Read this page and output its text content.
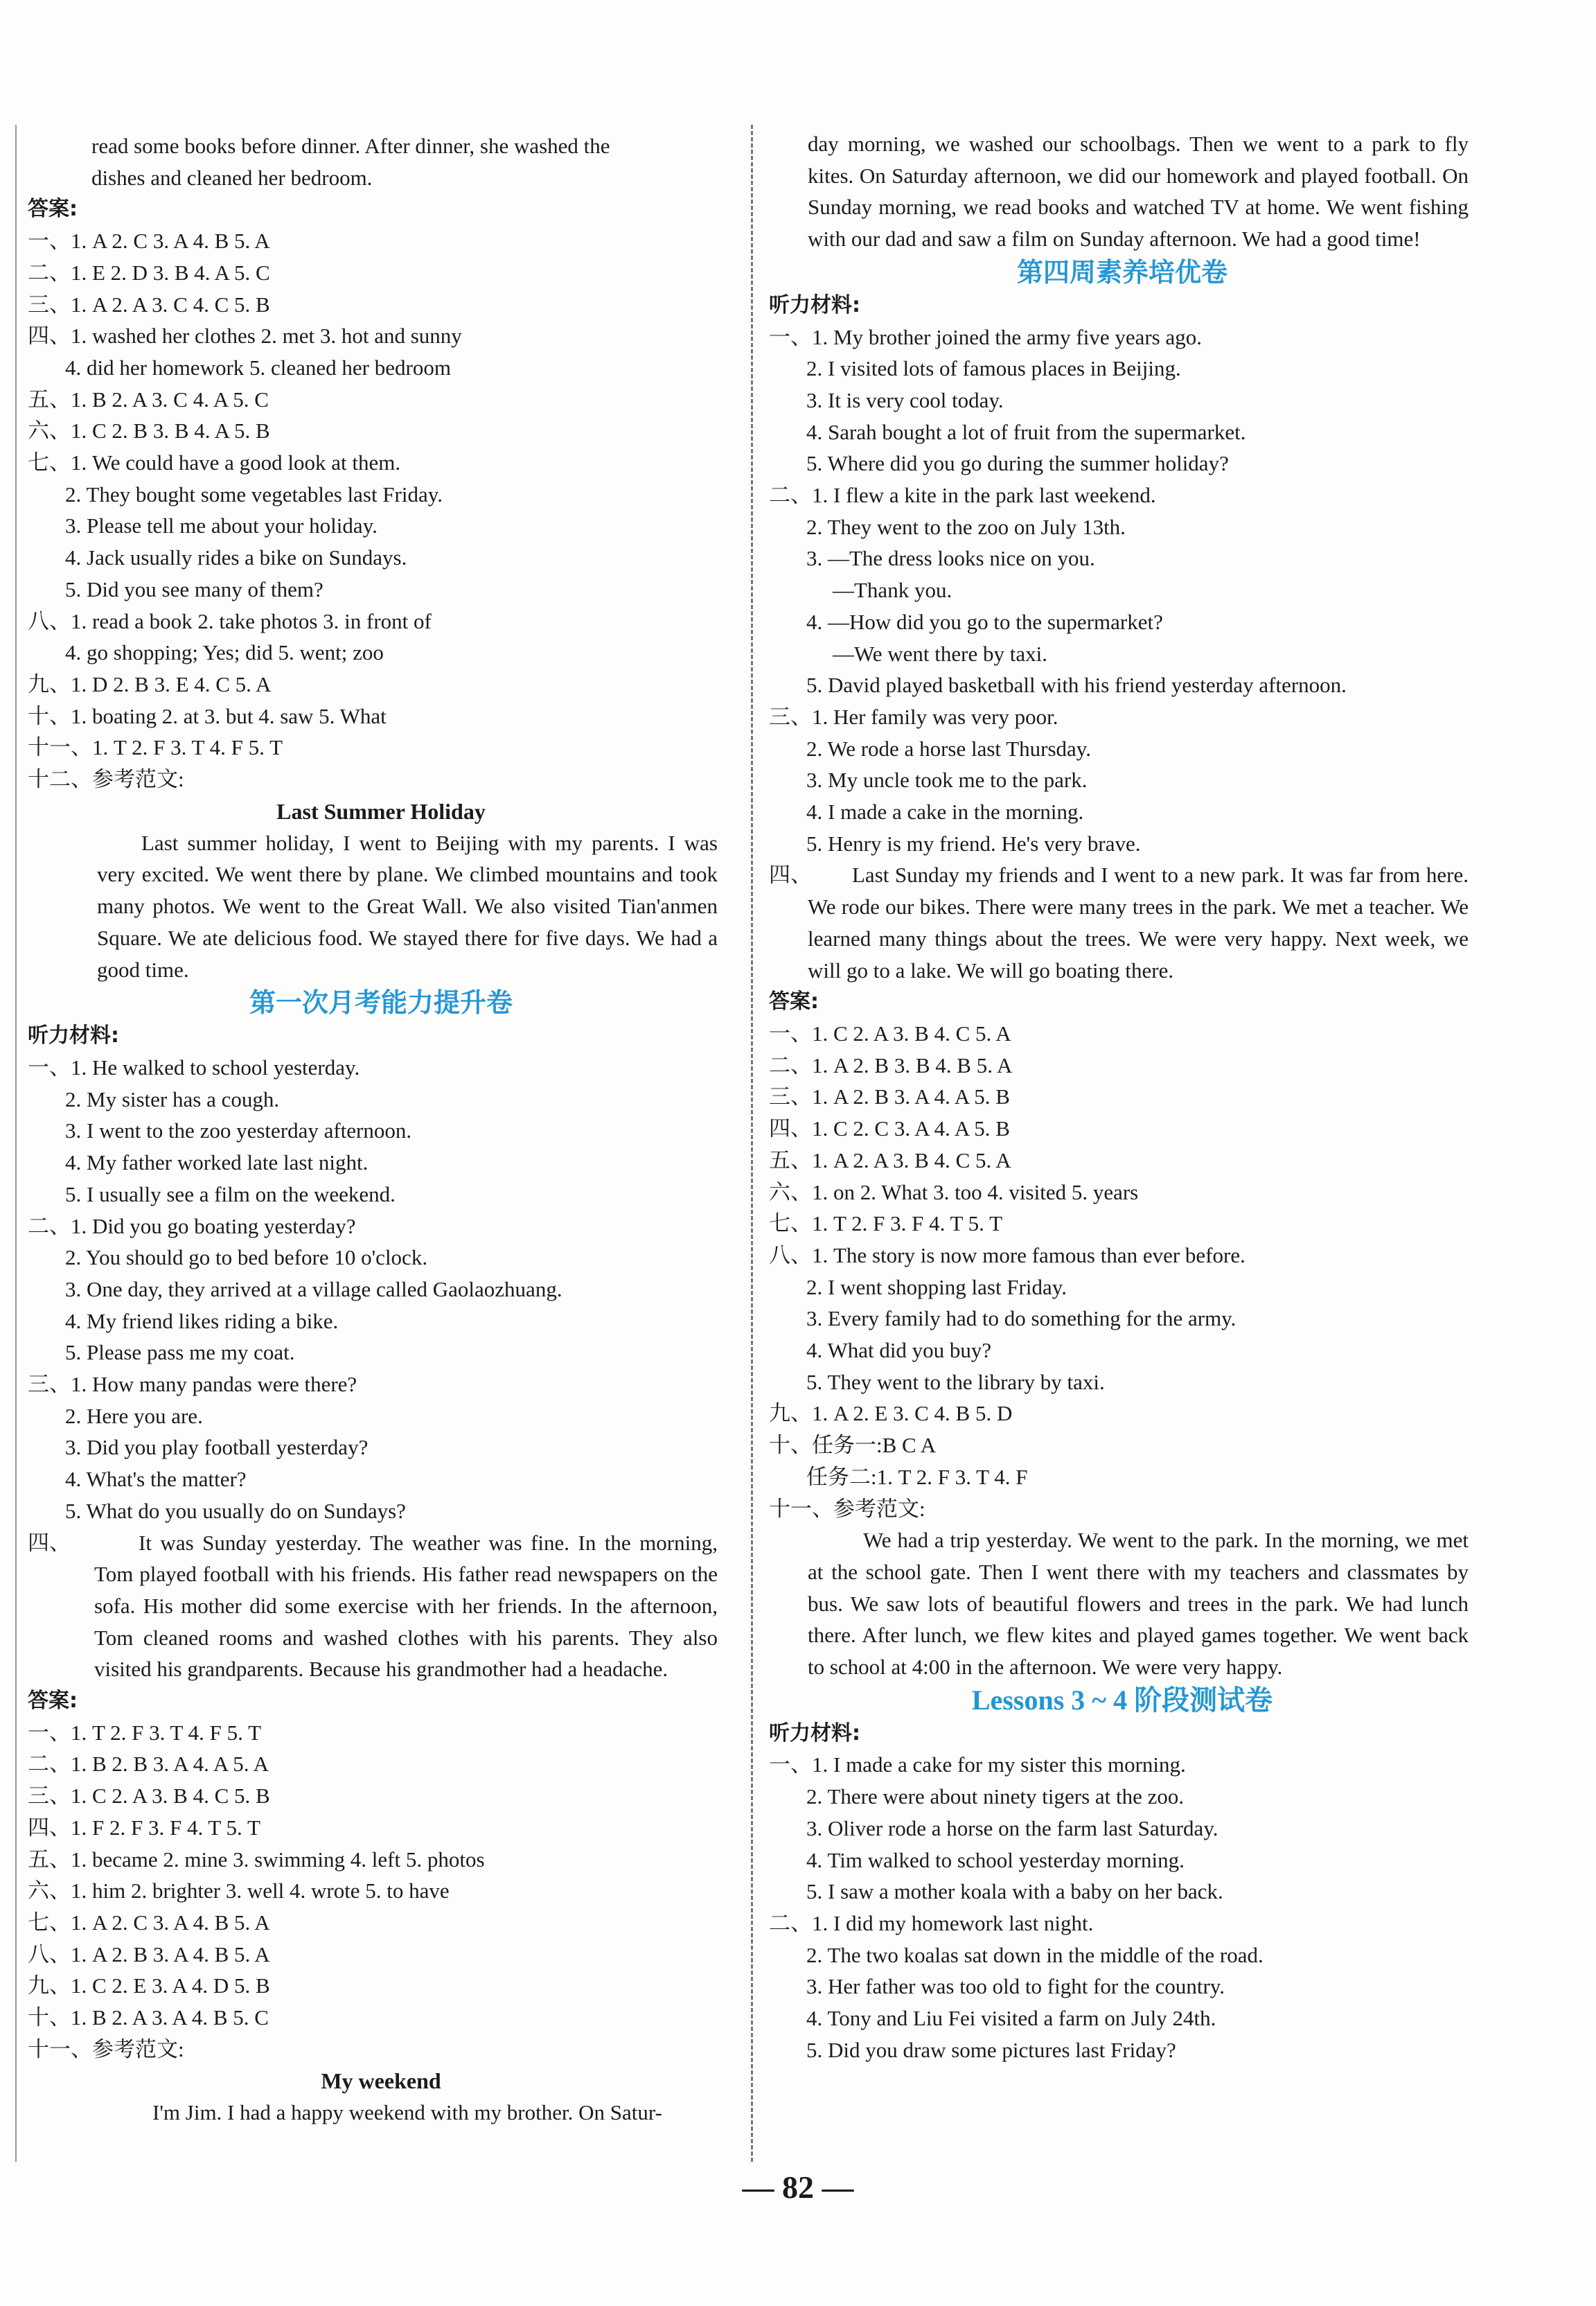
read some books before dinner. After dinner, she washed the
dishes and cleaned her bedroom.
答案:
一、1. A 2. C 3. A 4. B 5. A
二、1. E 2. D 3. B 4. A 5. C
三、1. A 2. A 3. C 4. C 5. B
四、1. washed her clothes 2. met 3. hot and sunny
4. did her homework 5. cleaned her bedroom
五、1. B 2. A 3. C 4. A 5. C
六、1. C 2. B 3. B 4. A 5. B
七、1. We could have a good look at them.
2. They bought some vegetables last Friday.
3. Please tell me about your holiday.
4. Jack usually rides a bike on Sundays.
5. Did you see many of them?
八、1. read a book 2. take photos 3. in front of
4. go shopping; Yes; did 5. went; zoo
九、1. D 2. B 3. E 4. C 5. A
十、1. boating 2. at 3. but 4. saw 5. What
十一、1. T 2. F 3. T 4. F 5. T
十二、参考范文:
Last Summer Holiday
Last summer holiday, I went to Beijing with my parents. I was very excited. We went there by plane. We climbed mountains and took many photos. We went to the Great Wall. We also visited Tian'anmen Square. We ate delicious food. We stayed there for five days. We had a good time.
第一次月考能力提升卷
听力材料:
一、1. He walked to school yesterday.
2. My sister has a cough.
3. I went to the zoo yesterday afternoon.
4. My father worked late last night.
5. I usually see a film on the weekend.
二、1. Did you go boating yesterday?
2. You should go to bed before 10 o'clock.
3. One day, they arrived at a village called Gaolaozhuang.
4. My friend likes riding a bike.
5. Please pass me my coat.
三、1. How many pandas were there?
2. Here you are.
3. Did you play football yesterday?
4. What's the matter?
5. What do you usually do on Sundays?
四、	It was Sunday yesterday. The weather was fine. In the morning, Tom played football with his friends. His father read newspapers on the sofa. His mother did some exercise with her friends. In the afternoon, Tom cleaned rooms and washed clothes with his parents. They also visited his grandparents. Because his grandmother had a headache.
答案:
一、1. T 2. F 3. T 4. F 5. T
二、1. B 2. B 3. A 4. A 5. A
三、1. C 2. A 3. B 4. C 5. B
四、1. F 2. F 3. F 4. T 5. T
五、1. became 2. mine 3. swimming 4. left 5. photos
六、1. him 2. brighter 3. well 4. wrote 5. to have
七、1. A 2. C 3. A 4. B 5. A
八、1. A 2. B 3. A 4. B 5. A
九、1. C 2. E 3. A 4. D 5. B
十、1. B 2. A 3. A 4. B 5. C
十一、参考范文:
My weekend
I'm Jim. I had a happy weekend with my brother. On Satur-
day morning, we washed our schoolbags. Then we went to a park to fly kites. On Saturday afternoon, we did our homework and played football. On Sunday morning, we read books and watched TV at home. We went fishing with our dad and saw a film on Sunday afternoon. We had a good time!
第四周素养培优卷
听力材料:
一、1. My brother joined the army five years ago.
2. I visited lots of famous places in Beijing.
3. It is very cool today.
4. Sarah bought a lot of fruit from the supermarket.
5. Where did you go during the summer holiday?
二、1. I flew a kite in the park last weekend.
2. They went to the zoo on July 13th.
3. —The dress looks nice on you.
—Thank you.
4. —How did you go to the supermarket?
—We went there by taxi.
5. David played basketball with his friend yesterday afternoon.
三、1. Her family was very poor.
2. We rode a horse last Thursday.
3. My uncle took me to the park.
4. I made a cake in the morning.
5. Henry is my friend. He's very brave.
四、	Last Sunday my friends and I went to a new park. It was far from here. We rode our bikes. There were many trees in the park. We met a teacher. We learned many things about the trees. We were very happy. Next week, we will go to a lake. We will go boating there.
答案:
一、1. C 2. A 3. B 4. C 5. A
二、1. A 2. B 3. B 4. B 5. A
三、1. A 2. B 3. A 4. A 5. B
四、1. C 2. C 3. A 4. A 5. B
五、1. A 2. A 3. B 4. C 5. A
六、1. on 2. What 3. too 4. visited 5. years
七、1. T 2. F 3. F 4. T 5. T
八、1. The story is now more famous than ever before.
2. I went shopping last Friday.
3. Every family had to do something for the army.
4. What did you buy?
5. They went to the library by taxi.
九、1. A 2. E 3. C 4. B 5. D
十、任务一:B C A
任务二:1. T 2. F 3. T 4. F
十一、参考范文:
We had a trip yesterday. We went to the park. In the morning, we met at the school gate. Then I went there with my teachers and classmates by bus. We saw lots of beautiful flowers and trees in the park. We had lunch there. After lunch, we flew kites and played games together. We went back to school at 4:00 in the afternoon. We were very happy.
Lessons 3 ~ 4 阶段测试卷
听力材料:
一、1. I made a cake for my sister this morning.
2. There were about ninety tigers at the zoo.
3. Oliver rode a horse on the farm last Saturday.
4. Tim walked to school yesterday morning.
5. I saw a mother koala with a baby on her back.
二、1. I did my homework last night.
2. The two koalas sat down in the middle of the road.
3. Her father was too old to fight for the country.
4. Tony and Liu Fei visited a farm on July 24th.
5. Did you draw some pictures last Friday?
— 82 —
